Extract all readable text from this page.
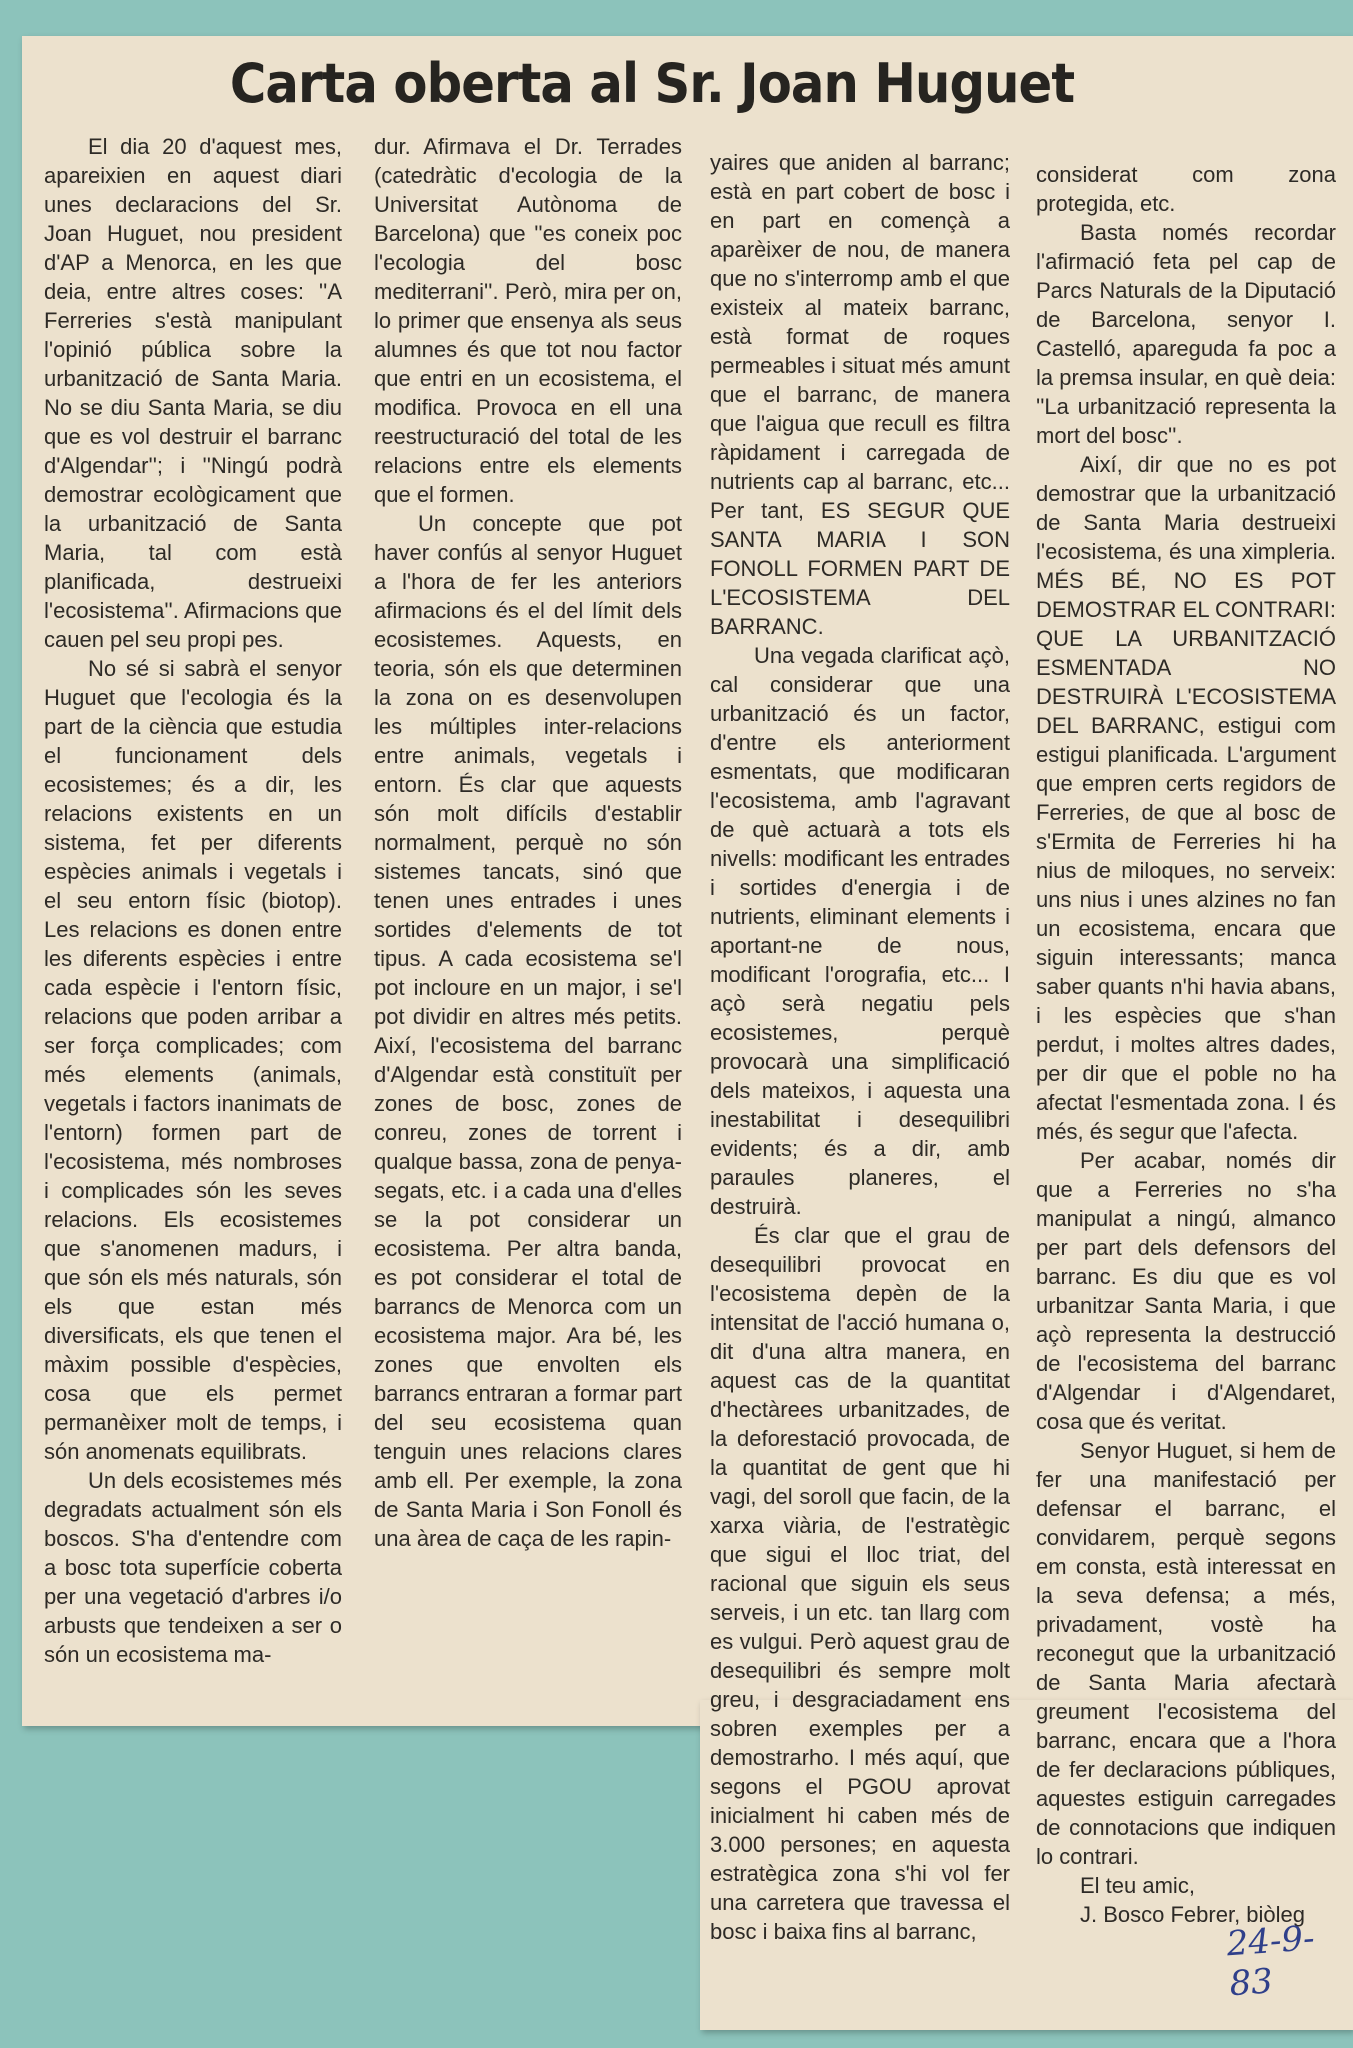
Carta oberta al Sr. Joan Huguet

El dia 20 d'aquest mes, apareixien en aquest diari unes declaracions del Sr. Joan Huguet, nou president d'AP a Menorca, en les que deia, entre altres coses: ''A Ferreries s'està manipulant l'opinió pública sobre la urbanització de Santa Maria. No se diu Santa Maria, se diu que es vol destruir el barranc d'Algendar''; i ''Ningú podrà demostrar ecològicament que la urbanització de Santa Maria, tal com està planificada, destrueixi l'ecosistema''. Afirmacions que cauen pel seu propi pes.

No sé si sabrà el senyor Huguet que l'ecologia és la part de la ciència que estudia el funcionament dels ecosistemes; és a dir, les relacions existents en un sistema, fet per diferents espècies animals i vegetals i el seu entorn físic (biotop). Les relacions es donen entre les diferents espècies i entre cada espècie i l'entorn físic, relacions que poden arribar a ser força complicades; com més elements (animals, vegetals i factors inanimats de l'entorn) formen part de l'ecosistema, més nombroses i complicades són les seves relacions. Els ecosistemes que s'anomenen madurs, i que són els més naturals, són els que estan més diversificats, els que tenen el màxim possible d'espècies, cosa que els permet permanèixer molt de temps, i són anomenats equilibrats.

Un dels ecosistemes més degradats actualment són els boscos. S'ha d'entendre com a bosc tota superfície coberta per una vegetació d'arbres i/o arbusts que tendeixen a ser o són un ecosistema ma-

dur. Afirmava el Dr. Terrades (catedràtic d'ecologia de la Universitat Autònoma de Barcelona) que ''es coneix poc l'ecologia del bosc mediterrani''. Però, mira per on, lo primer que ensenya als seus alumnes és que tot nou factor que entri en un ecosistema, el modifica. Provoca en ell una reestructuració del total de les relacions entre els elements que el formen.

Un concepte que pot haver confús al senyor Huguet a l'hora de fer les anteriors afirmacions és el del límit dels ecosistemes. Aquests, en teoria, són els que determinen la zona on es desenvolupen les múltiples inter-relacions entre animals, vegetals i entorn. És clar que aquests són molt difícils d'establir normalment, perquè no són sistemes tancats, sinó que tenen unes entrades i unes sortides d'elements de tot tipus. A cada ecosistema se'l pot incloure en un major, i se'l pot dividir en altres més petits. Així, l'ecosistema del barranc d'Algendar està constituït per zones de bosc, zones de conreu, zones de torrent i qualque bassa, zona de penya-segats, etc. i a cada una d'elles se la pot considerar un ecosistema. Per altra banda, es pot considerar el total de barrancs de Menorca com un ecosistema major. Ara bé, les zones que envolten els barrancs entraran a formar part del seu ecosistema quan tenguin unes relacions clares amb ell. Per exemple, la zona de Santa Maria i Son Fonoll és una àrea de caça de les rapin-

yaires que aniden al barranc; està en part cobert de bosc i en part en començà a aparèixer de nou, de manera que no s'interromp amb el que existeix al mateix barranc, està format de roques permeables i situat més amunt que el barranc, de manera que l'aigua que recull es filtra ràpidament i carregada de nutrients cap al barranc, etc... Per tant, ES SEGUR QUE SANTA MARIA I SON FONOLL FORMEN PART DE L'ECOSISTEMA DEL BARRANC.

Una vegada clarificat açò, cal considerar que una urbanització és un factor, d'entre els anteriorment esmentats, que modificaran l'ecosistema, amb l'agravant de què actuarà a tots els nivells: modificant les entrades i sortides d'energia i de nutrients, eliminant elements i aportant-ne de nous, modificant l'orografia, etc... I açò serà negatiu pels ecosistemes, perquè provocarà una simplificació dels mateixos, i aquesta una inestabilitat i desequilibri evidents; és a dir, amb paraules planeres, el destruirà.

És clar que el grau de desequilibri provocat en l'ecosistema depèn de la intensitat de l'acció humana o, dit d'una altra manera, en aquest cas de la quantitat d'hectàrees urbanitzades, de la deforestació provocada, de la quantitat de gent que hi vagi, del soroll que facin, de la xarxa viària, de l'estratègic que sigui el lloc triat, del racional que siguin els seus serveis, i un etc. tan llarg com es vulgui. Però aquest grau de desequilibri és sempre molt greu, i desgraciadament ens sobren exemples per a demostrarho. I més aquí, que segons el PGOU aprovat inicialment hi caben més de 3.000 persones; en aquesta estratègica zona s'hi vol fer una carretera que travessa el bosc i baixa fins al barranc,

considerat com zona protegida, etc.

Basta només recordar l'afirmació feta pel cap de Parcs Naturals de la Diputació de Barcelona, senyor I. Castelló, apareguda fa poc a la premsa insular, en què deia: ''La urbanització representa la mort del bosc''.

Així, dir que no es pot demostrar que la urbanització de Santa Maria destrueixi l'ecosistema, és una ximpleria. MÉS BÉ, NO ES POT DEMOSTRAR EL CONTRARI: QUE LA URBANITZACIÓ ESMENTADA NO DESTRUIRÀ L'ECOSISTEMA DEL BARRANC, estigui com estigui planificada. L'argument que empren certs regidors de Ferreries, de que al bosc de s'Ermita de Ferreries hi ha nius de miloques, no serveix: uns nius i unes alzines no fan un ecosistema, encara que siguin interessants; manca saber quants n'hi havia abans, i les espècies que s'han perdut, i moltes altres dades, per dir que el poble no ha afectat l'esmentada zona. I és més, és segur que l'afecta.

Per acabar, només dir que a Ferreries no s'ha manipulat a ningú, almanco per part dels defensors del barranc. Es diu que es vol urbanitzar Santa Maria, i que açò representa la destrucció de l'ecosistema del barranc d'Algendar i d'Algendaret, cosa que és veritat.

Senyor Huguet, si hem de fer una manifestació per defensar el barranc, el convidarem, perquè segons em consta, està interessat en la seva defensa; a més, privadament, vostè ha reconegut que la urbanització de Santa Maria afectarà greument l'ecosistema del barranc, encara que a l'hora de fer declaracions públiques, aquestes estiguin carregades de connotacions que indiquen lo contrari.

El teu amic,

J. Bosco Febrer, biòleg

24-9-83
